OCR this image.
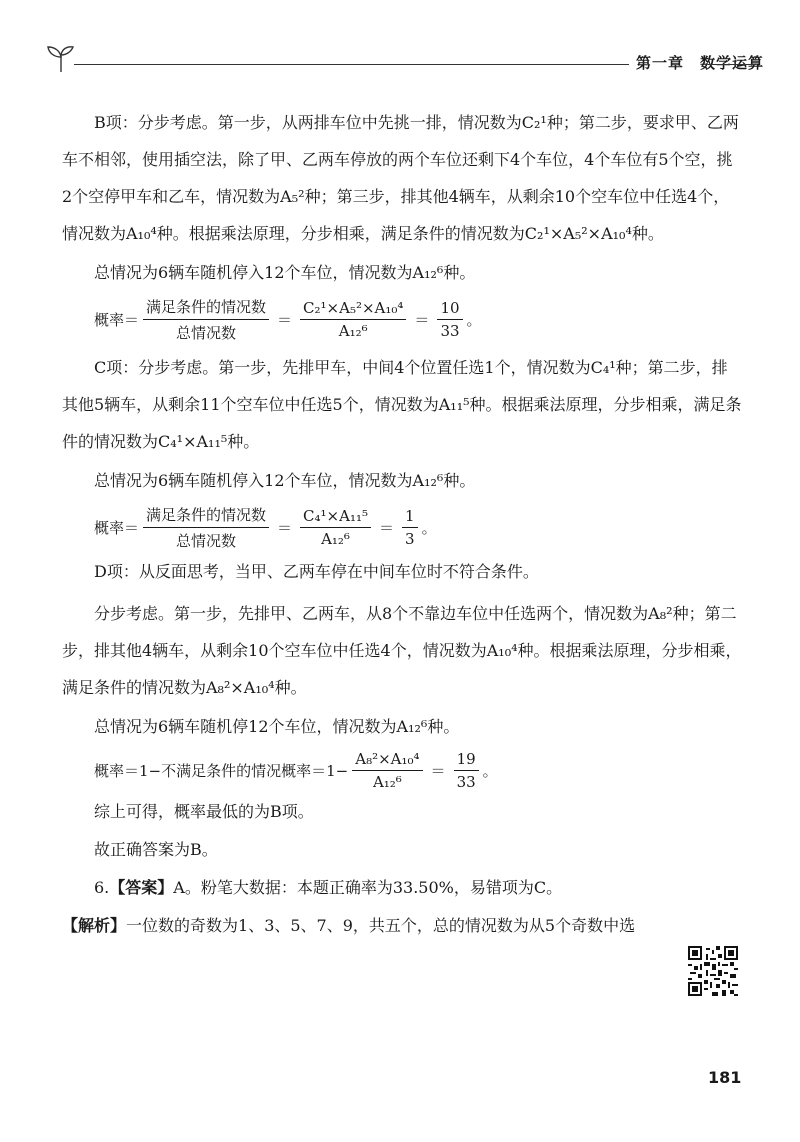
第一章　数学运算

B项：分步考虑。第一步，从两排车位中先挑一排，情况数为C₂¹种；第二步，要求甲、乙两车不相邻，使用插空法，除了甲、乙两车停放的两个车位还剩下4个车位，4个车位有5个空，挑2个空停甲车和乙车，情况数为A₅²种；第三步，排其他4辆车，从剩余10个空车位中任选4个，情况数为A₁₀⁴种。根据乘法原理，分步相乘，满足条件的情况数为C₂¹×A₅²×A₁₀⁴种。

总情况为6辆车随机停入12个车位，情况数为A₁₂⁶种。

概率＝ $\frac{\text{满足条件的情况数}}{\text{总情况数}} = \frac{\text{C₂¹×A₅²×A₁₀⁴}}{\text{A₁₂⁶}} = \frac{10}{33}$ 。

C项：分步考虑。第一步，先排甲车，中间4个位置任选1个，情况数为C₄¹种；第二步，排其他5辆车，从剩余11个空车位中任选5个，情况数为A₁₁⁵种。根据乘法原理，分步相乘，满足条件的情况数为C₄¹×A₁₁⁵种。

总情况为6辆车随机停入12个车位，情况数为A₁₂⁶种。

概率＝ $\frac{\text{满足条件的情况数}}{\text{总情况数}} = \frac{\text{C₄¹×A₁₁⁵}}{\text{A₁₂⁶}} = \frac{1}{3}$ 。

D项：从反面思考，当甲、乙两车停在中间车位时不符合条件。

分步考虑。第一步，先排甲、乙两车，从8个不靠边车位中任选两个，情况数为A₈²种；第二步，排其他4辆车，从剩余10个空车位中任选4个，情况数为A₁₀⁴种。根据乘法原理，分步相乘，满足条件的情况数为A₈²×A₁₀⁴种。

总情况为6辆车随机停12个车位，情况数为A₁₂⁶种。

概率＝1−不满足条件的情况概率$=1- \frac{\text{A₈²×A₁₀⁴}}{\text{A₁₂⁶}} = \frac{19}{33}$ 。

综上可得，概率最低的为B项。

故正确答案为B。

6.【答案】A。粉笔大数据：本题正确率为33.50%，易错项为C。

【解析】一位数的奇数为1、3、5、7、9，共五个，总的情况数为从5个奇数中选

181
